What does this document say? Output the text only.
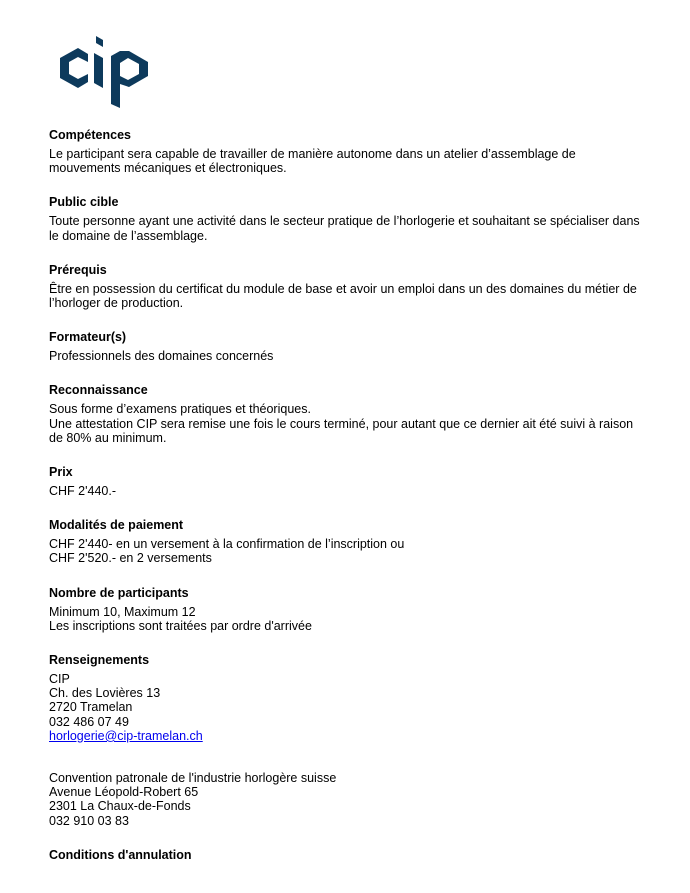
Compétences

Le participant sera capable de travailler de manière autonome dans un atelier d’assemblage de mouvements mécaniques et électroniques.

Public cible

Toute personne ayant une activité dans le secteur pratique de l’horlogerie et souhaitant se spécialiser dans le domaine de l’assemblage.

Prérequis

Être en possession du certificat du module de base et avoir un emploi dans un des domaines du métier de l’horloger de production.

Formateur(s)

Professionnels des domaines concernés

Reconnaissance

Sous forme d’examens pratiques et théoriques.
Une attestation CIP sera remise une fois le cours terminé, pour autant que ce dernier ait été suivi à raison de 80% au minimum.

Prix

CHF 2'440.-

Modalités de paiement

CHF 2'440- en un versement à la confirmation de l’inscription ou
CHF 2'520.- en 2 versements

Nombre de participants

Minimum 10, Maximum 12
Les inscriptions sont traitées par ordre d'arrivée

Renseignements

CIP
Ch. des Lovières 13
2720 Tramelan
032 486 07 49
horlogerie@cip-tramelan.ch

Convention patronale de l'industrie horlogère suisse
Avenue Léopold-Robert 65
2301 La Chaux-de-Fonds
032 910 03 83

Conditions d'annulation
